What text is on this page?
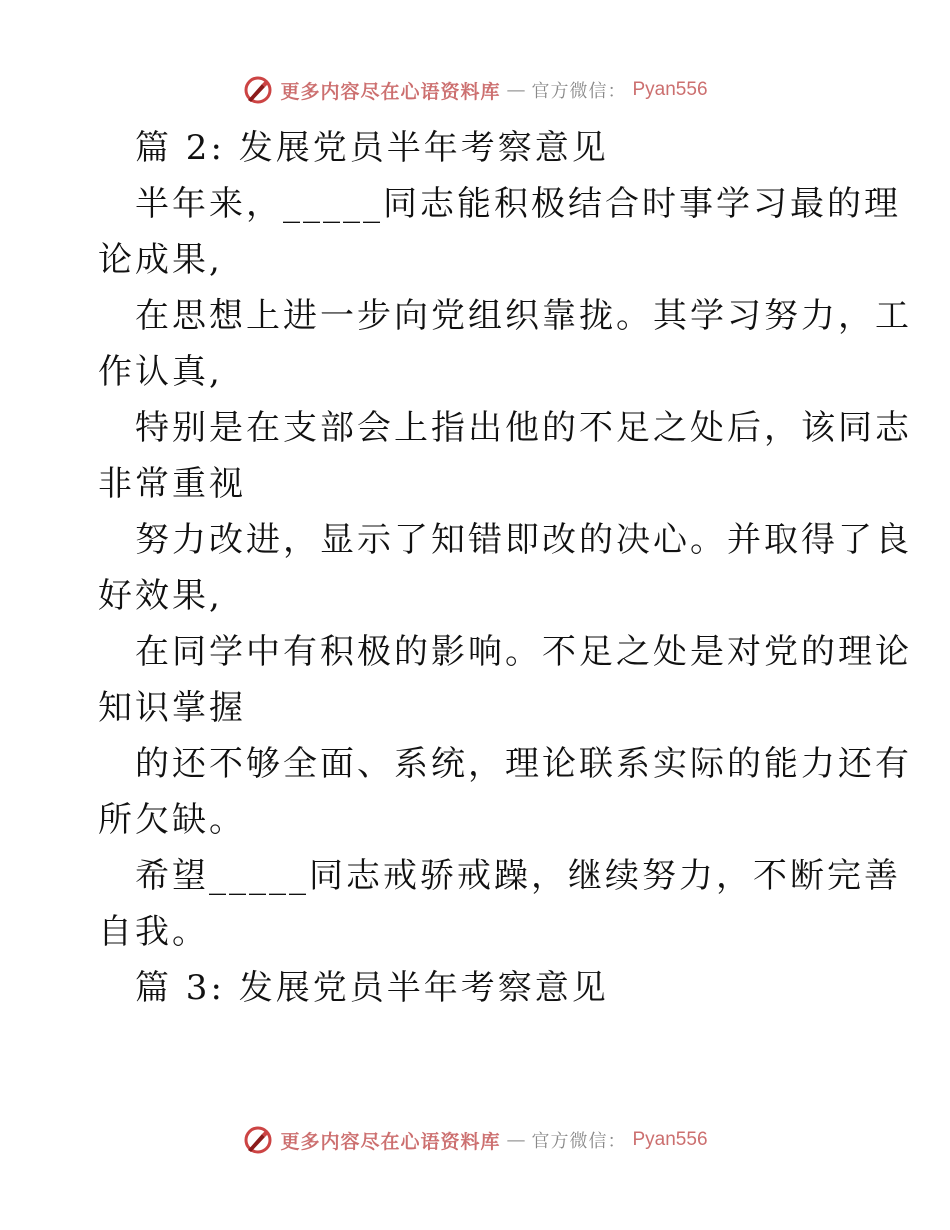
更多内容尽在心语资料库 — 官方微信： Pyan556
篇 2: 发展党员半年考察意见
半年来，_____同志能积极结合时事学习最的理
论成果,
在思想上进一步向党组织靠拢。其学习努力，工
作认真,
特别是在支部会上指出他的不足之处后，该同志
非常重视
努力改进，显示了知错即改的决心。并取得了良
好效果,
在同学中有积极的影响。不足之处是对党的理论
知识掌握
的还不够全面、系统，理论联系实际的能力还有
所欠缺。
希望_____同志戒骄戒躁，继续努力，不断完善
自我。
篇 3: 发展党员半年考察意见
更多内容尽在心语资料库 — 官方微信： Pyan556
